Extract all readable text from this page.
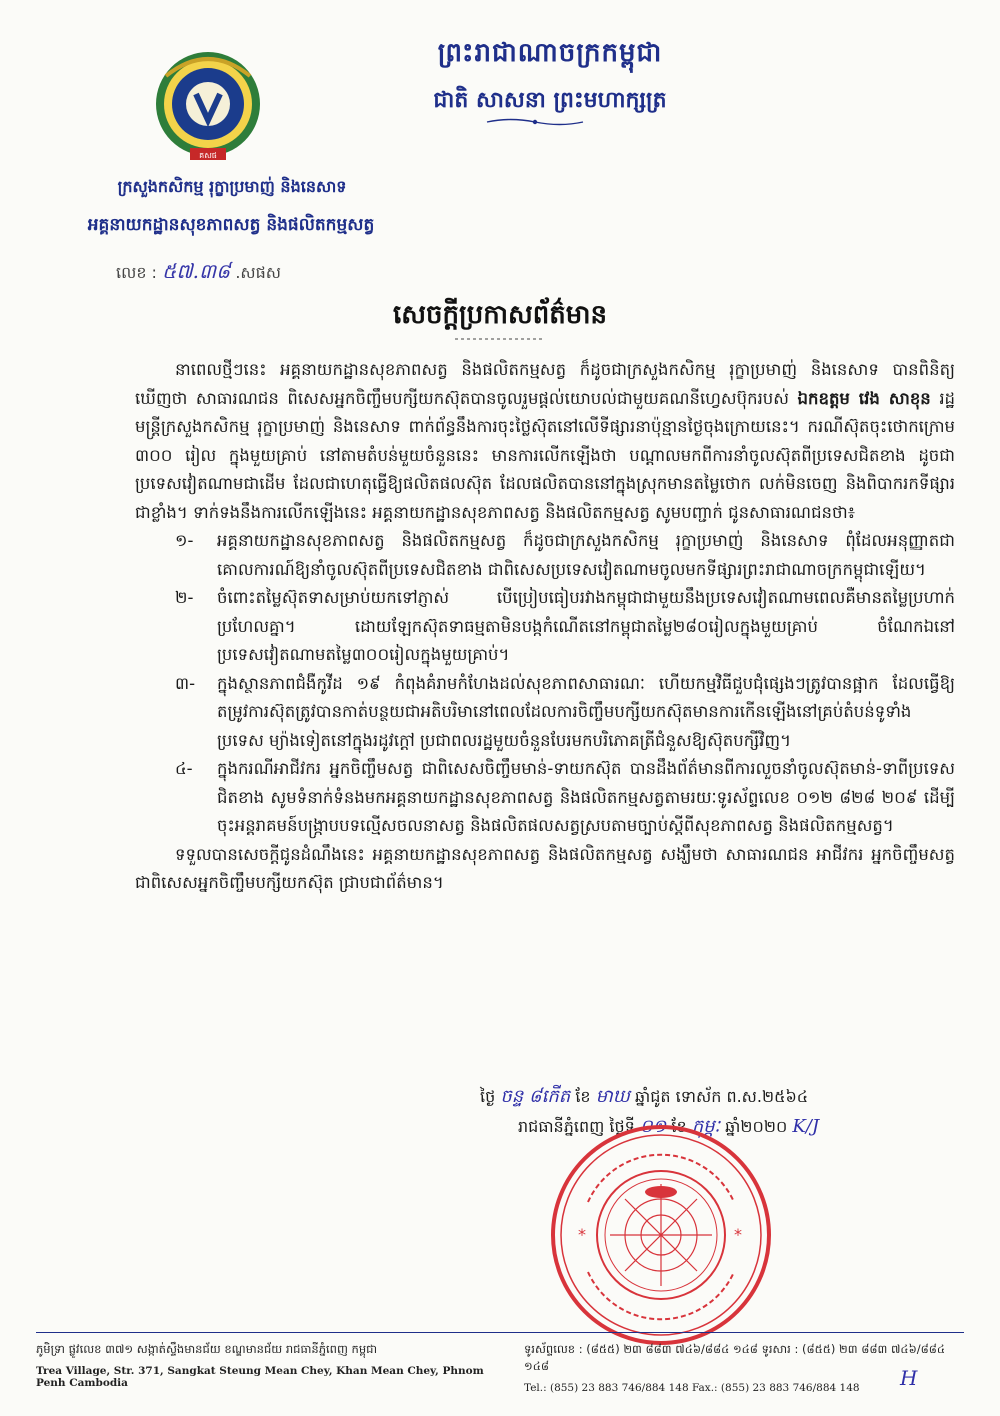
ព្រះរាជាណាចក្រកម្ពុជា
ជាតិ សាសនា ព្រះមហាក្សត្រ
គសផ
ក្រសួងកសិកម្ម រុក្ខាប្រមាញ់ និងនេសាទ
អគ្គនាយកដ្ឋានសុខភាពសត្វ និងផលិតកម្មសត្វ
លេខ : ៥៧.៣៨ .សផស
សេចក្ដីប្រកាសព័ត៌មាន

នាពេលថ្មីៗនេះ អគ្គនាយកដ្ឋានសុខភាពសត្វ និងផលិតកម្មសត្វ ក៏ដូចជាក្រសួងកសិកម្ម រុក្ខាប្រមាញ់ និងនេសាទ បានពិនិត្យឃើញថា សាធារណជន ពិសេសអ្នកចិញ្ចឹមបក្សីយកស៊ុតបានចូលរួមផ្ដល់យោបល់ជាមួយគណនីហ្វេសប៊ុករបស់ ឯកឧត្តម វេង សាខុន រដ្ឋមន្ត្រីក្រសួងកសិកម្ម រុក្ខាប្រមាញ់ និងនេសាទ ពាក់ព័ន្ធនឹងការចុះថ្លៃស៊ុតនៅលើទីផ្សារនាប៉ុន្មានថ្ងៃចុងក្រោយនេះ។ ករណីស៊ុតចុះថោកក្រោម ៣០០ រៀល ក្នុងមួយគ្រាប់ នៅតាមតំបន់មួយចំនួននេះ មានការលើកឡើងថា បណ្ដាលមកពីការនាំចូលស៊ុតពីប្រទេសជិតខាង ដូចជាប្រទេសវៀតណាមជាដើម ដែលជាហេតុធ្វើឱ្យផលិតផលស៊ុត ដែលផលិតបាននៅក្នុងស្រុកមានតម្លៃថោក លក់មិនចេញ និងពិបាករកទីផ្សារជាខ្លាំង។ ទាក់ទងនឹងការលើកឡើងនេះ អគ្គនាយកដ្ឋានសុខភាពសត្វ និងផលិតកម្មសត្វ សូមបញ្ជាក់ ជូនសាធារណជនថា៖

១-	អគ្គនាយកដ្ឋានសុខភាពសត្វ និងផលិតកម្មសត្វ ក៏ដូចជាក្រសួងកសិកម្ម រុក្ខាប្រមាញ់ និងនេសាទ ពុំដែលអនុញ្ញាតជាគោលការណ៍ឱ្យនាំចូលស៊ុតពីប្រទេសជិតខាង ជាពិសេសប្រទេសវៀតណាមចូលមកទីផ្សារព្រះរាជាណាចក្រកម្ពុជាឡើយ។
២-	ចំពោះតម្លៃស៊ុតទាសម្រាប់យកទៅភ្ញាស់ បើប្រៀបធៀបរវាងកម្ពុជាជាមួយនឹងប្រទេសវៀតណាមពេលគឺមានតម្លៃប្រហាក់ប្រហែលគ្នា។ ដោយឡែកស៊ុតទាធម្មតាមិនបង្កកំណើតនៅកម្ពុជាតម្លៃ២៨០រៀលក្នុងមួយគ្រាប់ ចំណែកឯនៅប្រទេសវៀតណាមតម្លៃ៣០០រៀលក្នុងមួយគ្រាប់។
៣-	ក្នុងស្ថានភាពជំងឺកូវីដ ១៩ កំពុងគំរាមកំហែងដល់សុខភាពសាធារណៈ ហើយកម្មវិធីជួបជុំផ្សេងៗត្រូវបានផ្អាក ដែលធ្វើឱ្យតម្រូវការស៊ុតត្រូវបានកាត់បន្ថយជាអតិបរិមានៅពេលដែលការចិញ្ចឹមបក្សីយកស៊ុតមានការកើនឡើងនៅគ្រប់តំបន់ទូទាំងប្រទេស ម្យ៉ាងទៀតនៅក្នុងរដូវក្ដៅ ប្រជាពលរដ្ឋមួយចំនួនបែរមកបរិភោគត្រីជំនួសឱ្យស៊ុតបក្សីវិញ។
៤-	ក្នុងករណីអាជីវករ អ្នកចិញ្ចឹមសត្វ ជាពិសេសចិញ្ចឹមមាន់-ទាយកស៊ុត បានដឹងព័ត៌មានពីការលួចនាំចូលស៊ុតមាន់-ទាពីប្រទេសជិតខាង សូមទំនាក់ទំនងមកអគ្គនាយកដ្ឋានសុខភាពសត្វ និងផលិតកម្មសត្វតាមរយៈទូរស័ព្ទលេខ ០១២ ៨២៨ ២០៩ ដើម្បីចុះអន្តរាគមន៍បង្ក្រាបបទល្មើសចលនាសត្វ និងផលិតផលសត្វស្របតាមច្បាប់ស្ដីពីសុខភាពសត្វ និងផលិតកម្មសត្វ។

ទទួលបានសេចក្ដីជូនដំណឹងនេះ អគ្គនាយកដ្ឋានសុខភាពសត្វ និងផលិតកម្មសត្វ សង្ឃឹមថា សាធារណជន អាជីវករ អ្នកចិញ្ចឹមសត្វ ជាពិសេសអ្នកចិញ្ចឹមបក្សីយកស៊ុត ជ្រាបជាព័ត៌មាន។

ថ្ងៃ ចន្ទ ៨កើត ខែ មាឃ ឆ្នាំជូត ទោស័ក ព.ស.២៥៦៤
រាជធានីភ្នំពេញ ថ្ងៃទី ០១ ខែ កុម្ភៈ ឆ្នាំ២០២០ K/J
*	*
ភូមិទ្រា ផ្លូវលេខ ៣៧១ សង្កាត់ស្ទឹងមានជ័យ ខណ្ឌមានជ័យ រាជធានីភ្នំពេញ កម្ពុជា
Trea Village, Str. 371, Sangkat Steung Mean Chey, Khan Mean Chey, Phnom Penh Cambodia
ទូរស័ព្ទលេខ : (៨៥៥) ២៣ ៨៨៣ ៧៤៦/៨៨៤ ១៤៨ ទូរសារ : (៨៥៥) ២៣ ៨៨៣ ៧៤៦/៨៨៤ ១៤៨
Tel.: (855) 23 883 746/884 148 Fax.: (855) 23 883 746/884 148	H
